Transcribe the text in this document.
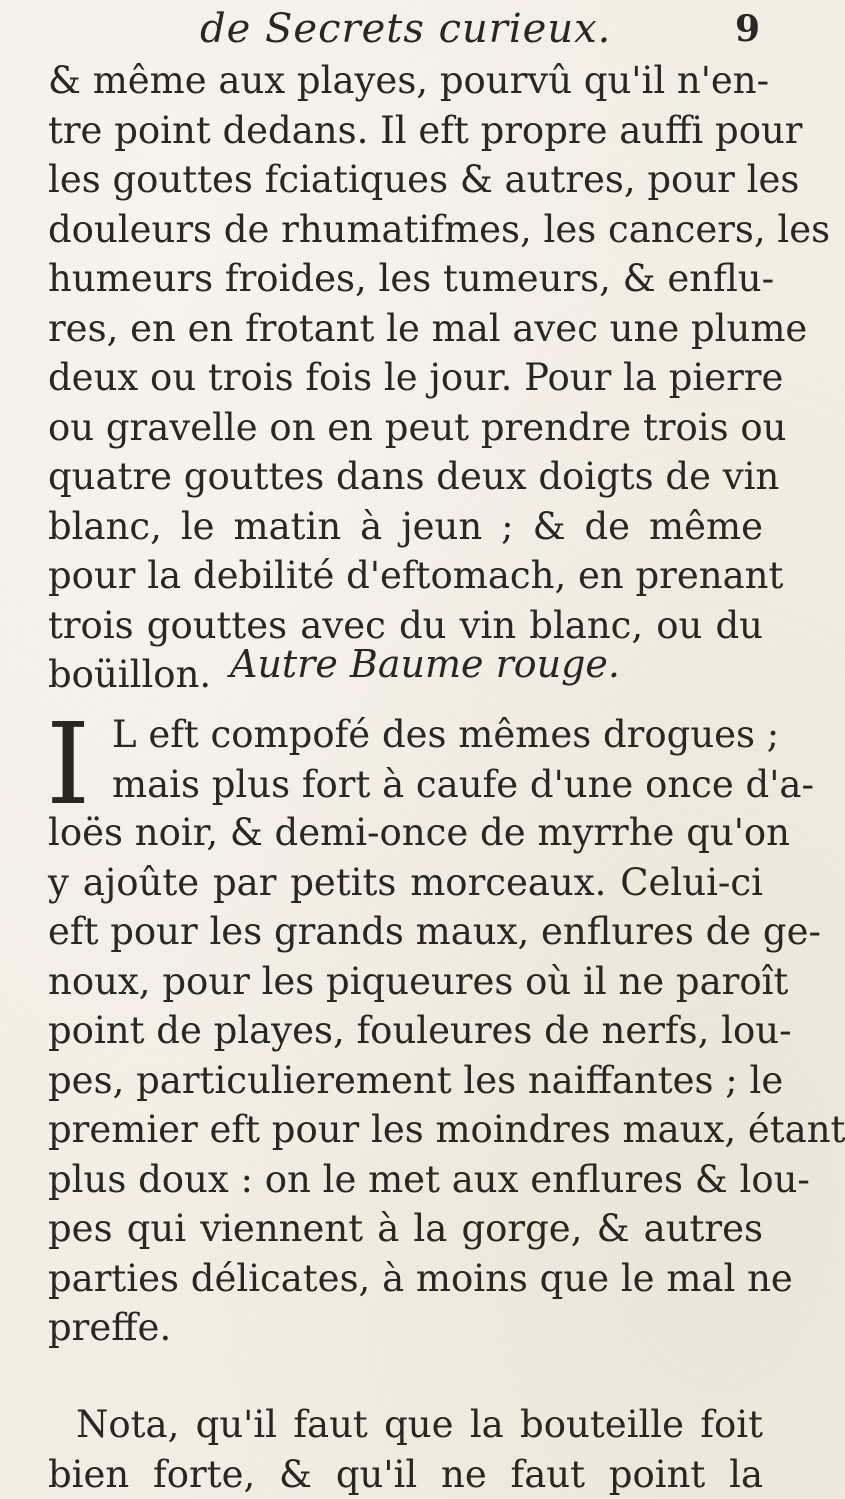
de Secrets curieux.	9
& même aux playes, pourvû qu'il n'en-
tre point dedans. Il eft propre auffi pour
les gouttes fciatiques & autres, pour les
douleurs de rhumatifmes, les cancers, les
humeurs froides, les tumeurs, & enflu-
res, en en frotant le mal avec une plume
deux ou trois fois le jour. Pour la pierre
ou gravelle on en peut prendre trois ou
quatre gouttes dans deux doigts de vin
blanc, le matin à jeun ; & de même
pour la debilité d'eftomach, en prenant
trois gouttes avec du vin blanc, ou du
boüillon. Autre Baume rouge.
I L eft compofé des mêmes drogues ;
mais plus fort à caufe d'une once d'a-
loës noir, & demi-once de myrrhe qu'on
y ajoûte par petits morceaux. Celui-ci
eft pour les grands maux, enflures de ge-
noux, pour les piqueures où il ne paroît
point de playes, fouleures de nerfs, lou-
pes, particulierement les naiffantes ; le
premier eft pour les moindres maux, étant
plus doux : on le met aux enflures & lou-
pes qui viennent à la gorge, & autres
parties délicates, à moins que le mal ne
preffe.
Nota, qu'il faut que la bouteille foit
bien forte, & qu'il ne faut point la
